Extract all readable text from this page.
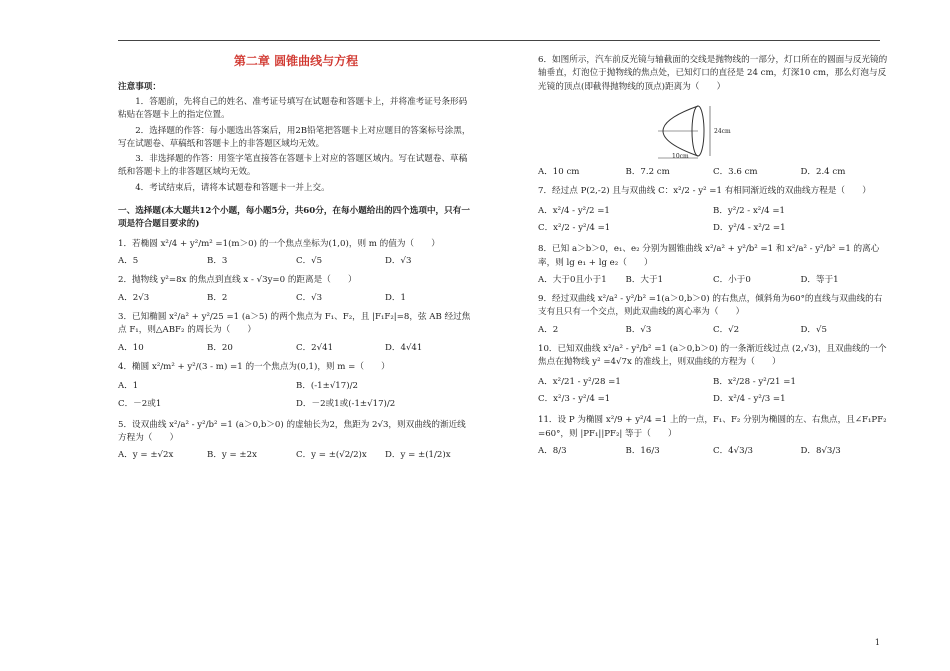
第二章 圆锥曲线与方程
注意事项：
1．答题前，先将自己的姓名、准考证号填写在试题卷和答题卡上，并将准考证号条形码粘贴在答题卡上的指定位置。
2．选择题的作答：每小题选出答案后，用2B铅笔把答题卡上对应题目的答案标号涂黑，写在试题卷、草稿纸和答题卡上的非答题区域均无效。
3．非选择题的作答：用签字笔直接答在答题卡上对应的答题区域内。写在试题卷、草稿纸和答题卡上的非答题区域均无效。
4．考试结束后，请将本试题卷和答题卡一并上交。
一、选择题(本大题共12个小题，每小题5分，共60分，在每小题给出的四个选项中，只有一项是符合题目要求的)
1．若椭圆 x²/4 + y²/m² =1(m＞0) 的一个焦点坐标为(1,0)，则 m 的值为（　　）
A．5	B．3	C．√5	D．√3
2．抛物线 y²=8x 的焦点到直线 x - √3y=0 的距离是（　　）
A．2√3	B．2	C．√3	D．1
3．已知椭圆 x²/a² + y²/25 =1 (a＞5) 的两个焦点为 F₁、F₂，且 |F₁F₂|=8，弦 AB 经过焦点 F₁，则△ABF₂ 的周长为（　　）
A．10	B．20	C．2√41	D．4√41
4．椭圆 x²/m² + y²/(3 - m) =1 的一个焦点为(0,1)，则 m =（　　）
A．1	B．(-1±√17)/2
C．－2或1	D．－2或1或(-1±√17)/2
5．设双曲线 x²/a² - y²/b² =1 (a＞0,b＞0) 的虚轴长为2，焦距为 2√3，则双曲线的渐近线方程为（　　）
A．y = ±√2x	B．y = ±2x	C．y = ±(√2/2)x	D．y = ±(1/2)x
6．如图所示，汽车前反光镜与轴截面的交线是抛物线的一部分，灯口所在的圆面与反光镜的轴垂直，灯泡位于抛物线的焦点处，已知灯口的直径是 24 cm，灯深10 cm，那么灯泡与反光镜的顶点(即截得抛物线的顶点)距离为（　　）
24cm
10cm
A．10 cm	B．7.2 cm	C．3.6 cm	D．2.4 cm
7．经过点 P(2,-2) 且与双曲线 C：x²/2 - y² =1 有相同渐近线的双曲线方程是（　　）
A．x²/4 - y²/2 =1	B．y²/2 - x²/4 =1
C．x²/2 - y²/4 =1	D．y²/4 - x²/2 =1
8．已知 a＞b＞0，e₁、e₂ 分别为圆锥曲线 x²/a² + y²/b² =1 和 x²/a² - y²/b² =1 的离心率，则 lg e₁ + lg e₂（　　）
A．大于0且小于1	B．大于1	C．小于0	D．等于1
9．经过双曲线 x²/a² - y²/b² =1(a＞0,b＞0) 的右焦点，倾斜角为60°的直线与双曲线的右支有且只有一个交点，则此双曲线的离心率为（　　）
A．2	B．√3	C．√2	D．√5
10．已知双曲线 x²/a² - y²/b² =1 (a＞0,b＞0) 的一条渐近线过点 (2,√3)，且双曲线的一个焦点在抛物线 y² =4√7x 的准线上，则双曲线的方程为（　　）
A．x²/21 - y²/28 =1	B．x²/28 - y²/21 =1
C．x²/3 - y²/4 =1	D．x²/4 - y²/3 =1
11．设 P 为椭圆 x²/9 + y²/4 =1 上的一点，F₁、F₂ 分别为椭圆的左、右焦点，且∠F₁PF₂ =60°，则 |PF₁||PF₂| 等于（　　）
A．8/3	B．16/3	C．4√3/3	D．8√3/3
1
